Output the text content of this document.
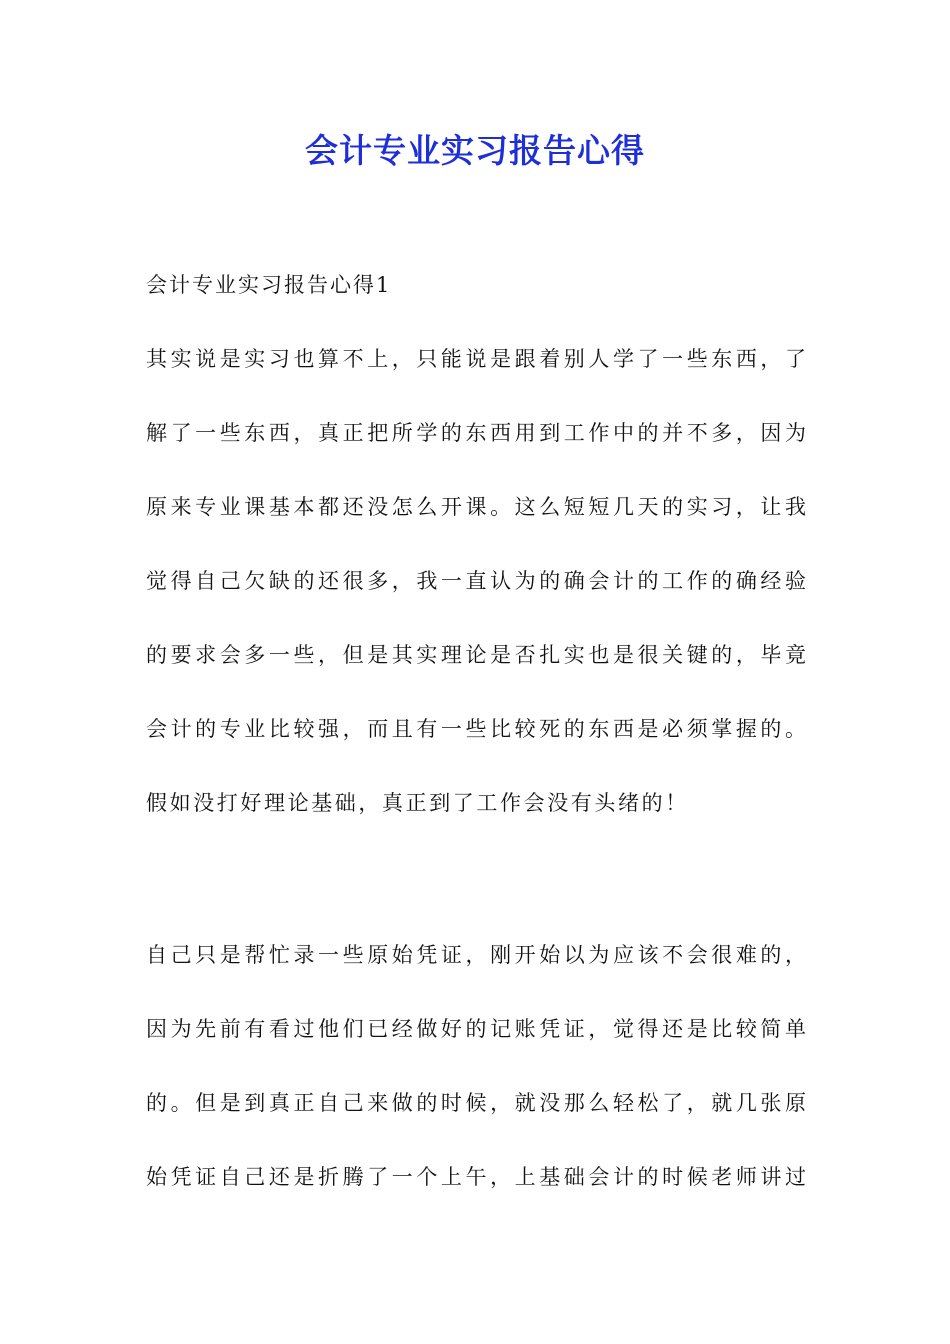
会计专业实习报告心得
会计专业实习报告心得1
其实说是实习也算不上，只能说是跟着别人学了一些东西，了
解了一些东西，真正把所学的东西用到工作中的并不多，因为
原来专业课基本都还没怎么开课。这么短短几天的实习，让我
觉得自己欠缺的还很多，我一直认为的确会计的工作的确经验
的要求会多一些，但是其实理论是否扎实也是很关键的，毕竟
会计的专业比较强，而且有一些比较死的东西是必须掌握的。
假如没打好理论基础，真正到了工作会没有头绪的！
自己只是帮忙录一些原始凭证，刚开始以为应该不会很难的，
因为先前有看过他们已经做好的记账凭证，觉得还是比较简单
的。但是到真正自己来做的时候，就没那么轻松了，就几张原
始凭证自己还是折腾了一个上午，上基础会计的时候老师讲过
